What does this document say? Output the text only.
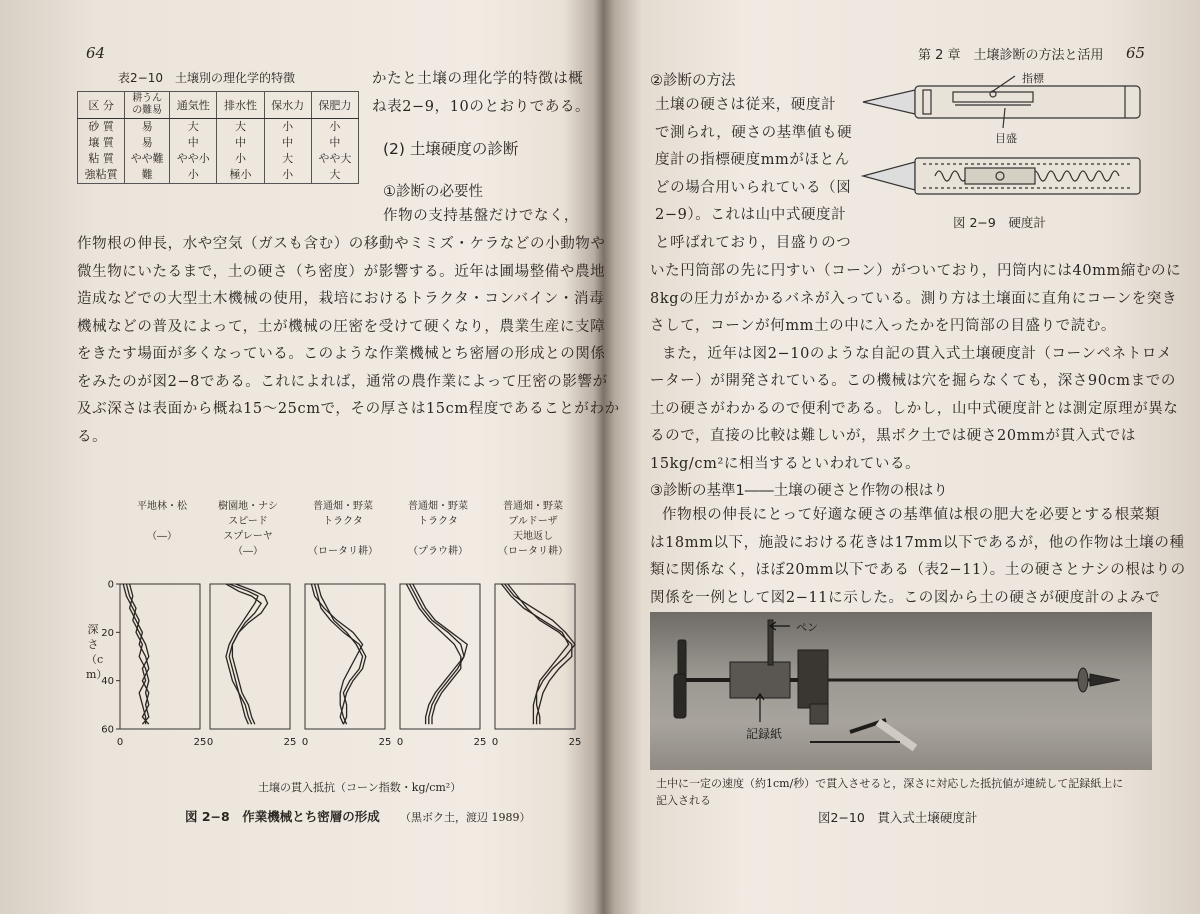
64
表2−10　土壌別の理化学的特徴
区 分	耕うんの難易	通気性	排水性	保水力	保肥力
砂 質	易	大	大	小	小
壌 質	易	中	中	中	中
粘 質	やや難	やや小	小	大	やや大
強粘質	難	小	極小	小	大
かたと土壌の理化学的特徴は概
ね表2−9，10のとおりである。
(2) 土壌硬度の診断
①診断の必要性
作物の支持基盤だけでなく，
作物根の伸長，水や空気（ガスも含む）の移動やミミズ・ケラなどの小動物や
微生物にいたるまで，土の硬さ（ち密度）が影響する。近年は圃場整備や農地
造成などでの大型土木機械の使用，栽培におけるトラクタ・コンバイン・消毒
機械などの普及によって，土が機械の圧密を受けて硬くなり，農業生産に支障
をきたす場面が多くなっている。このような作業機械とち密層の形成との関係
をみたのが図2−8である。これによれば，通常の農作業によって圧密の影響が
及ぶ深さは表面から概ね15〜25cmで，その厚さは15cm程度であることがわか
る。
平地林・松

（―）
樹園地・ナシ
スピード
スプレーヤ
（―）
普通畑・野菜
トラクタ

（ロータリ耕）
普通畑・野菜
トラクタ

（プラウ耕）
普通畑・野菜
ブルドーザ
天地返し
（ロータリ耕）
深さ（cm）
0
20
40
60
0	25 0	25 0	25 0	25 0	25
土壌の貫入抵抗（コーン指数・kg/cm²）
図 2−8　作業機械とち密層の形成 （黒ボク土，渡辺 1989）
第 2 章　土壌診断の方法と活用 65
②診断の方法
土壌の硬さは従来，硬度計
で測られ，硬さの基準値も硬
度計の指標硬度mmがほとん
どの場合用いられている（図
2−9）。これは山中式硬度計
と呼ばれており，目盛りのつ
指標
目盛
図 2−9　硬度計
いた円筒部の先に円すい（コーン）がついており，円筒内には40mm縮むのに
8kgの圧力がかかるバネが入っている。測り方は土壌面に直角にコーンを突き
さして，コーンが何mm土の中に入ったかを円筒部の目盛りで読む。
また，近年は図2−10のような自記の貫入式土壌硬度計（コーンペネトロメ
ーター）が開発されている。この機械は穴を掘らなくても，深さ90cmまでの
土の硬さがわかるので便利である。しかし，山中式硬度計とは測定原理が異な
るので，直接の比較は難しいが，黒ボク土では硬さ20mmが貫入式では
15kg/cm²に相当するといわれている。
③診断の基準1――土壌の硬さと作物の根はり
作物根の伸長にとって好適な硬さの基準値は根の肥大を必要とする根菜類
は18mm以下，施設における花きは17mm以下であるが，他の作物は土壌の種
類に関係なく，ほぼ20mm以下である（表2−11）。土の硬さとナシの根はりの
関係を一例として図2−11に示した。この図から土の硬さが硬度計のよみで
ペン
記録紙
土中に一定の速度（約1cm/秒）で貫入させると，深さに対応した抵抗値が連続して記録紙上に
記入される
図2−10　貫入式土壌硬度計
